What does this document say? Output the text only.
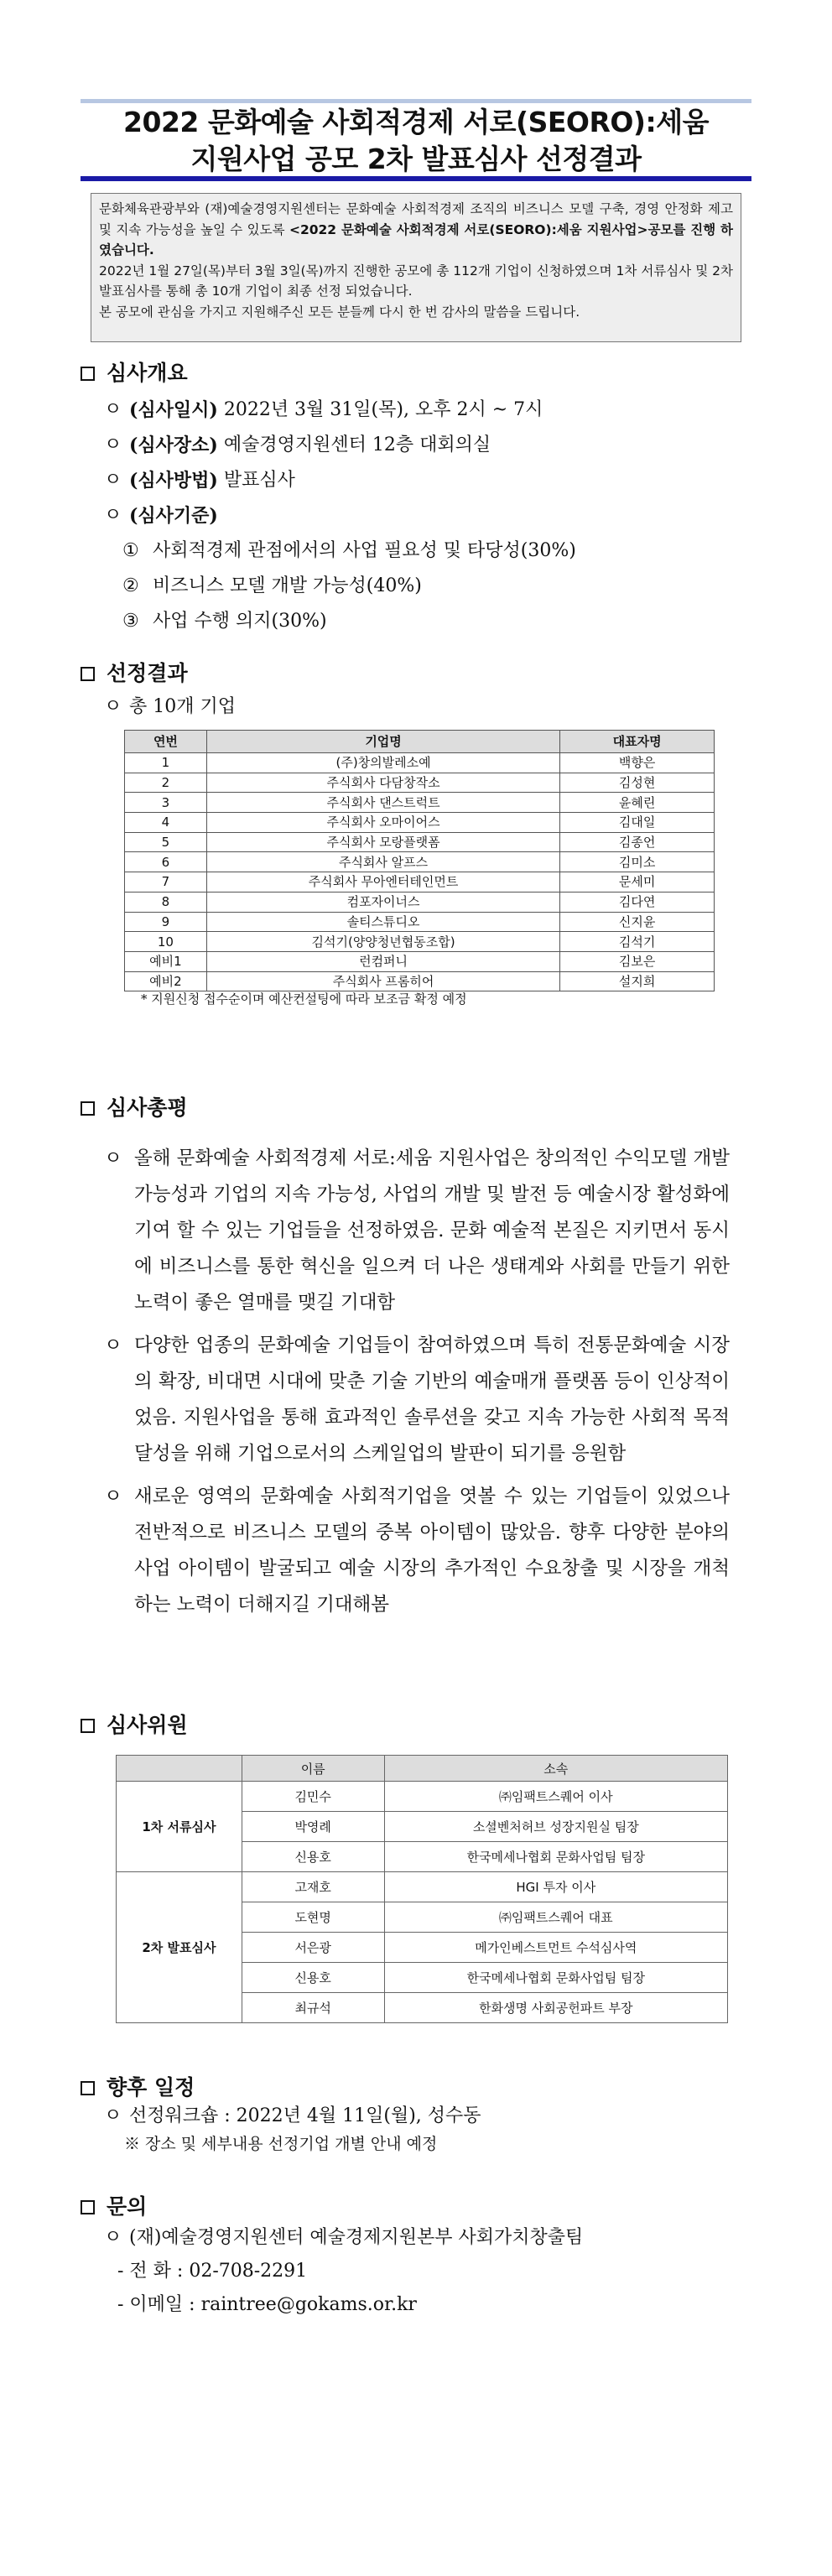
2022 문화예술 사회적경제 서로(SEORO):세움
지원사업 공모 2차 발표심사 선정결과

문화체육관광부와 (재)예술경영지원센터는 문화예술 사회적경제 조직의 비즈니스 모델 구축, 경영 안정화 제고 및 지속 가능성을 높일 수 있도록 <2022 문화예술 사회적경제 서로(SEORO):세움 지원사업>공모를 진행 하였습니다.

2022년 1월 27일(목)부터 3월 3일(목)까지 진행한 공모에 총 112개 기업이 신청하였으며 1차 서류심사 및 2차 발표심사를 통해 총 10개 기업이 최종 선정 되었습니다.

본 공모에 관심을 가지고 지원해주신 모든 분들께 다시 한 번 감사의 말씀을 드립니다.

심사개요
ㅇ (심사일시)
2022년 3월 31일(목), 오후 2시 ~ 7시
ㅇ (심사장소)
예술경영지원센터 12층 대회의실
ㅇ (심사방법)
발표심사
ㅇ (심사기준)
① 사회적경제 관점에서의 사업 필요성 및 타당성(30%)
② 비즈니스 모델 개발 가능성(40%)
③ 사업 수행 의지(30%)
선정결과
ㅇ 총 10개 기업
연번	기업명	대표자명
1	(주)창의발레소예	백향은
2	주식회사 다담창작소	김성현
3	주식회사 댄스트럭트	윤혜린
4	주식회사 오마이어스	김대일
5	주식회사 모랑플랫폼	김종언
6	주식회사 알프스	김미소
7	주식회사 무아엔터테인먼트	문세미
8	컴포자이너스	김다연
9	솔티스튜디오	신지윤
10	김석기(양양청년협동조합)	김석기
예비1	런컴퍼니	김보은
예비2	주식회사 프롬히어	설지희
* 지원신청 접수순이며 예산컨설팅에 따라 보조금 확정 예정
심사총평
ㅇ 올해 문화예술 사회적경제 서로:세움 지원사업은 창의적인 수익모델 개발 가능성과 기업의 지속 가능성, 사업의 개발 및 발전 등 예술시장 활성화에 기여 할 수 있는 기업들을 선정하였음. 문화 예술적 본질은 지키면서 동시에 비즈니스를 통한 혁신을 일으켜 더 나은 생태계와 사회를 만들기 위한 노력이 좋은 열매를 맺길 기대함

ㅇ 다양한 업종의 문화예술 기업들이 참여하였으며 특히 전통문화예술 시장의 확장, 비대면 시대에 맞춘 기술 기반의 예술매개 플랫폼 등이 인상적이었음. 지원사업을 통해 효과적인 솔루션을 갖고 지속 가능한 사회적 목적 달성을 위해 기업으로서의 스케일업의 발판이 되기를 응원함

ㅇ 새로운 영역의 문화예술 사회적기업을 엿볼 수 있는 기업들이 있었으나 전반적으로 비즈니스 모델의 중복 아이템이 많았음. 향후 다양한 분야의 사업 아이템이 발굴되고 예술 시장의 추가적인 수요창출 및 시장을 개척하는 노력이 더해지길 기대해봄

심사위원
	이름	소속
1차 서류심사	김민수	㈜임팩트스퀘어 이사
	박영례	소셜벤처허브 성장지원실 팀장
	신용호	한국메세나협회 문화사업팀 팀장
2차 발표심사	고재호	HGI 투자 이사
	도현명	㈜임팩트스퀘어 대표
	서은광	메가인베스트먼트 수석심사역
	신용호	한국메세나협회 문화사업팀 팀장
	최규석	한화생명 사회공헌파트 부장
향후 일정
ㅇ 선정워크숍 : 2022년 4월 11일(월), 성수동
※ 장소 및 세부내용 선정기업 개별 안내 예정
문의
ㅇ (재)예술경영지원센터 예술경제지원본부 사회가치창출팀
- 전 화 : 02-708-2291
- 이메일 : raintree@gokams.or.kr
